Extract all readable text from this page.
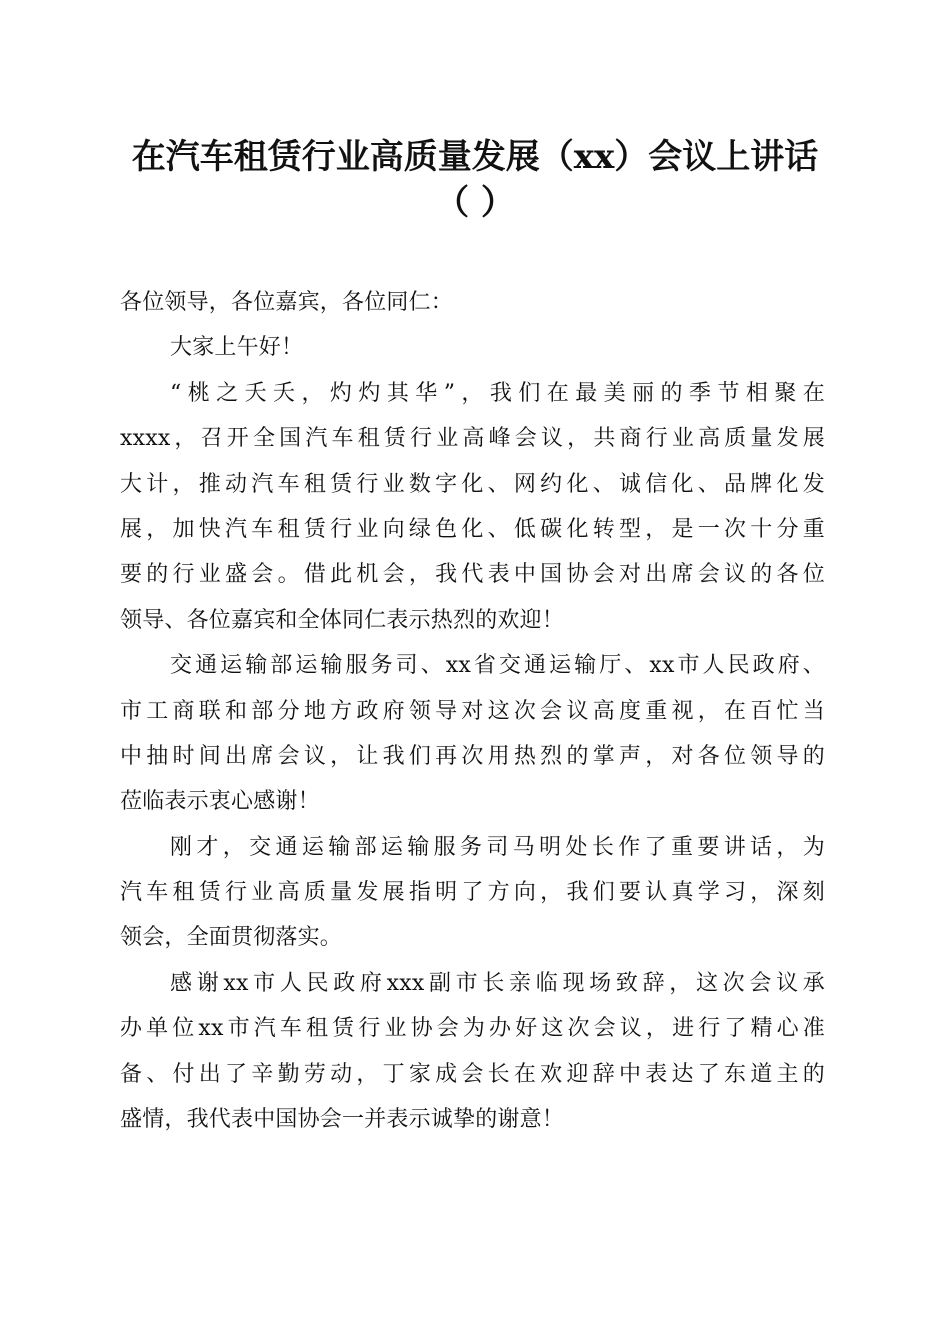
在汽车租赁行业高质量发展（xx）会议上讲话
（ ）
各位领导，各位嘉宾，各位同仁：
大家上午好！
“桃之夭夭，灼灼其华”，我们在最美丽的季节相聚在
xxxx，召开全国汽车租赁行业高峰会议，共商行业高质量发展
大计，推动汽车租赁行业数字化、网约化、诚信化、品牌化发
展，加快汽车租赁行业向绿色化、低碳化转型，是一次十分重
要的行业盛会。借此机会，我代表中国协会对出席会议的各位
领导、各位嘉宾和全体同仁表示热烈的欢迎！
交通运输部运输服务司、xx省交通运输厅、xx市人民政府、
市工商联和部分地方政府领导对这次会议高度重视，在百忙当
中抽时间出席会议，让我们再次用热烈的掌声，对各位领导的
莅临表示衷心感谢！
刚才，交通运输部运输服务司马明处长作了重要讲话，为
汽车租赁行业高质量发展指明了方向，我们要认真学习，深刻
领会，全面贯彻落实。
感谢xx市人民政府xxx副市长亲临现场致辞，这次会议承
办单位xx市汽车租赁行业协会为办好这次会议，进行了精心准
备、付出了辛勤劳动，丁家成会长在欢迎辞中表达了东道主的
盛情，我代表中国协会一并表示诚挚的谢意！
